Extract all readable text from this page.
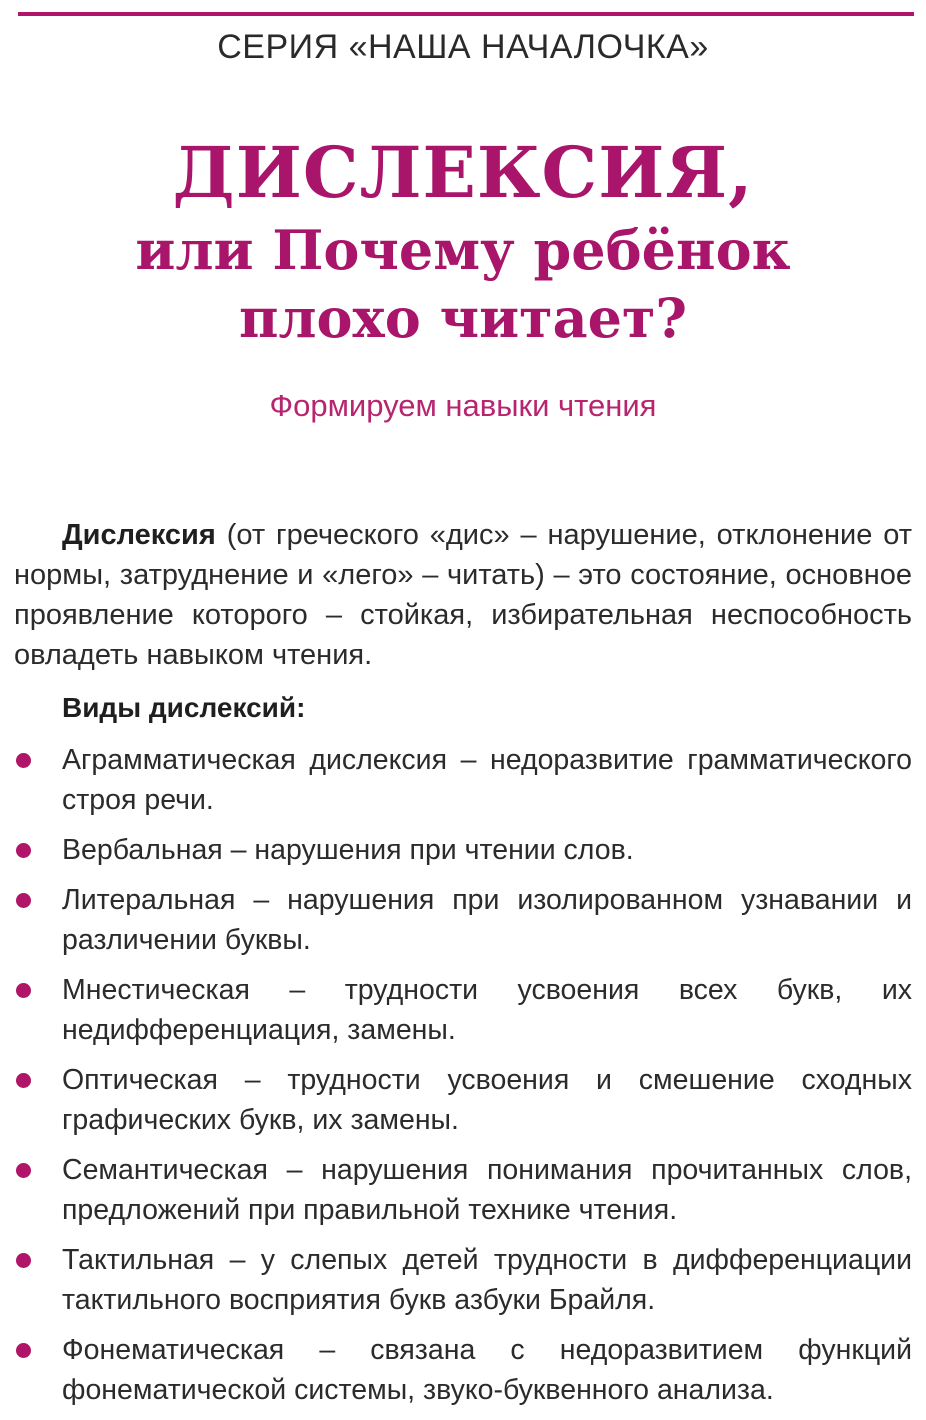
СЕРИЯ «НАША НАЧАЛОЧКА»
ДИСЛЕКСИЯ,
или Почему ребёнок
плохо читает?
Формируем навыки чтения

Дислексия (от греческого «дис» – нарушение, отклонение от нормы, затруднение и «лего» – читать) – это состояние, основное проявление которого – стойкая, избирательная неспособность овладеть навыком чтения.

Виды дислексий:
Аграмматическая дислексия – недоразвитие грамматического строя речи.
Вербальная – нарушения при чтении слов.
Литеральная – нарушения при изолированном узнавании и различении буквы.
Мнестическая – трудности усвоения всех букв, их недифференциация, замены.
Оптическая – трудности усвоения и смешение сходных графических букв, их замены.
Семантическая – нарушения понимания прочитанных слов, предложений при правильной технике чтения.
Тактильная – у слепых детей трудности в дифференциации тактильного восприятия букв азбуки Брайля.
Фонематическая – связана с недоразвитием функций фонематической системы, звуко-буквенного анализа.
